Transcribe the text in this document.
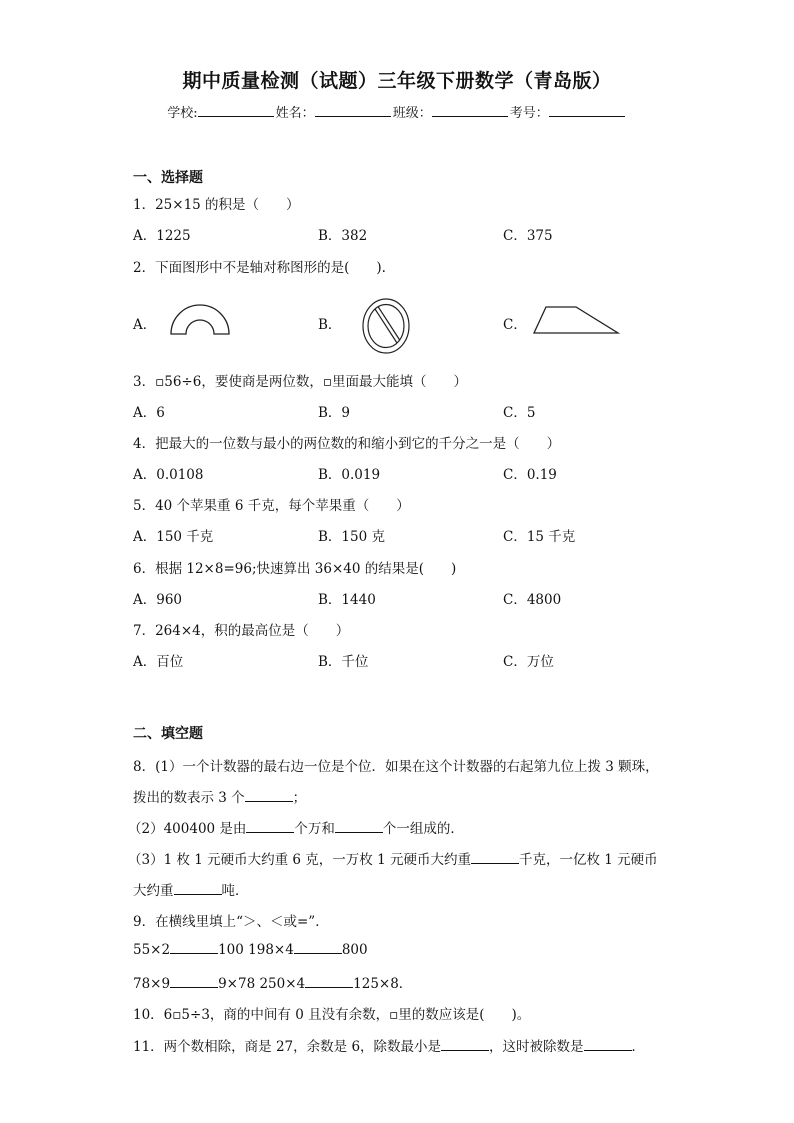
期中质量检测（试题）三年级下册数学（青岛版）
学校:	姓名：	班级：	考号：
一、选择题
1．25×15 的积是（　　）
A．1225	B．382	C．375
2．下面图形中不是轴对称图形的是(　　).
A．	B．	C．
3．▫56÷6，要使商是两位数，▫里面最大能填（　　）
A．6	B．9	C．5
4．把最大的一位数与最小的两位数的和缩小到它的千分之一是（　　）
A．0.0108	B．0.019	C．0.19
5．40 个苹果重 6 千克，每个苹果重（　　）
A．150 千克	B．150 克	C．15 千克
6．根据 12×8=96;快速算出 36×40 的结果是(　　)
A．960	B．1440	C．4800
7．264×4，积的最高位是（　　）
A．百位	B．千位	C．万位
二、填空题
8．(1）一个计数器的最右边一位是个位．如果在这个计数器的右起第九位上拨 3 颗珠，
拨出的数表示 3 个	；
（2）400400 是由	个万和	个一组成的．
（3）1 枚 1 元硬币大约重 6 克，一万枚 1 元硬币大约重	千克，一亿枚 1 元硬币
大约重	吨．
9．在横线里填上“＞、＜或=”．
55×2	100 198×4	800
78×9	9×78 250×4	125×8．
10．6▫5÷3，商的中间有 0 且没有余数，▫里的数应该是(　　)。
11．两个数相除，商是 27，余数是 6，除数最小是	，这时被除数是	．
